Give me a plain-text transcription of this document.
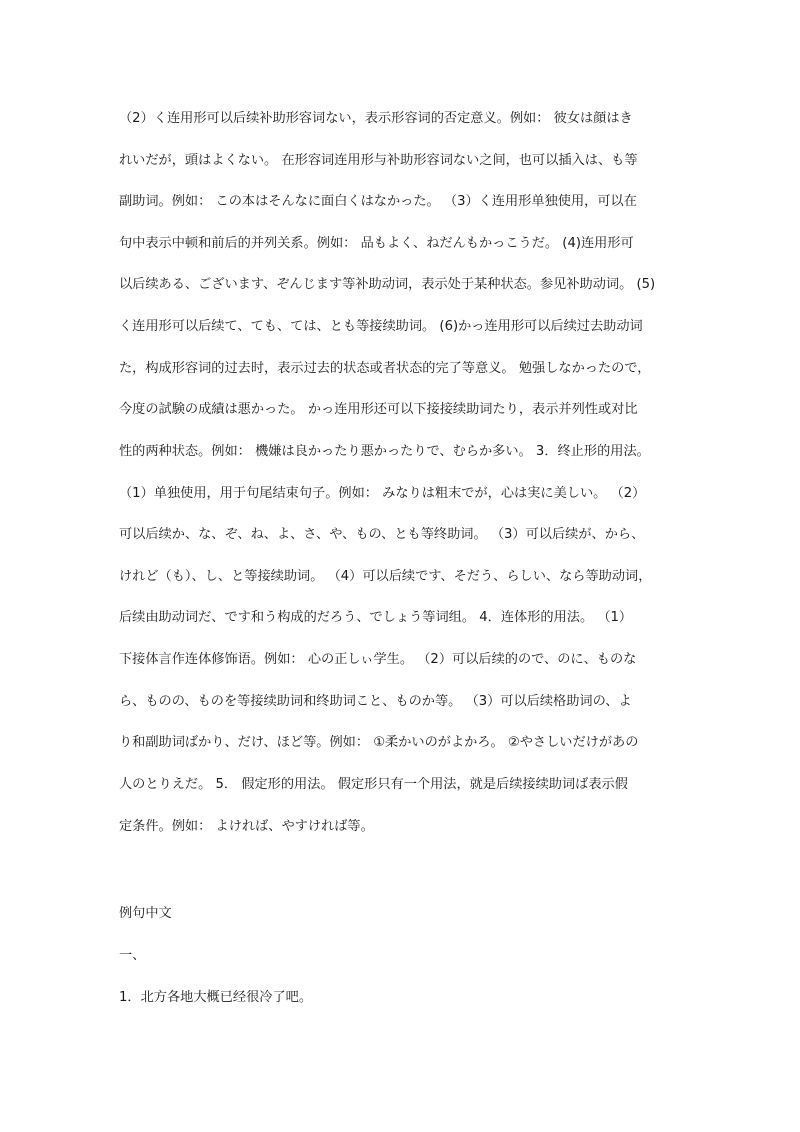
（2）く连用形可以后续补助形容词ない，表示形容词的否定意义。例如： 彼女は顔はき
れいだが，頭はよくない。 在形容词连用形与补助形容词ない之间，也可以插入は、も等
副助词。例如： この本はそんなに面白くはなかった。 （3）く连用形单独使用，可以在
句中表示中顿和前后的并列关系。例如： 品もよく、ねだんもかっこうだ。 (4)连用形可
以后续ある、ございます、ぞんじます等补助动词，表示处于某种状态。参见补助动词。 (5)
く连用形可以后续て、ても、ては、とも等接续助词。 (6)かっ连用形可以后续过去助动词
た，构成形容词的过去时，表示过去的状态或者状态的完了等意义。 勉强しなかったので，
今度の試験の成績は悪かった。 かっ连用形还可以下接接续助词たり，表示并列性或对比
性的两种状态。例如： 機嫌は良かったり悪かったりで、むらか多い。 3．终止形的用法。
（1）单独使用，用于句尾结束句子。例如： みなりは粗末でが，心は実に美しい。 （2）
可以后续か、な、ぞ、ね、よ、さ、や、もの、とも等终助词。 （3）可以后续が、から、
けれど（も）、し、と等接续助词。 （4）可以后续です、そだう、らしい、なら等助动词，
后续由助动词だ、です和う构成的だろう、でしょう等词组。 4．连体形的用法。 （1）
下接体言作连体修饰语。例如： 心の正しぃ学生。 （2）可以后续的ので、のに、ものな
ら、ものの、ものを等接续助词和终助词こと、ものか等。 （3）可以后续格助词の、よ
り和副助词ばかり、だけ、ほど等。例如： ①柔かいのがよかろ。 ②やさしいだけがあの
人のとりえだ。 5． 假定形的用法。 假定形只有一个用法，就是后续接续助词ば表示假
定条件。例如： よければ、やすければ等。
例句中文
一、
1．北方各地大概已经很冷了吧。
